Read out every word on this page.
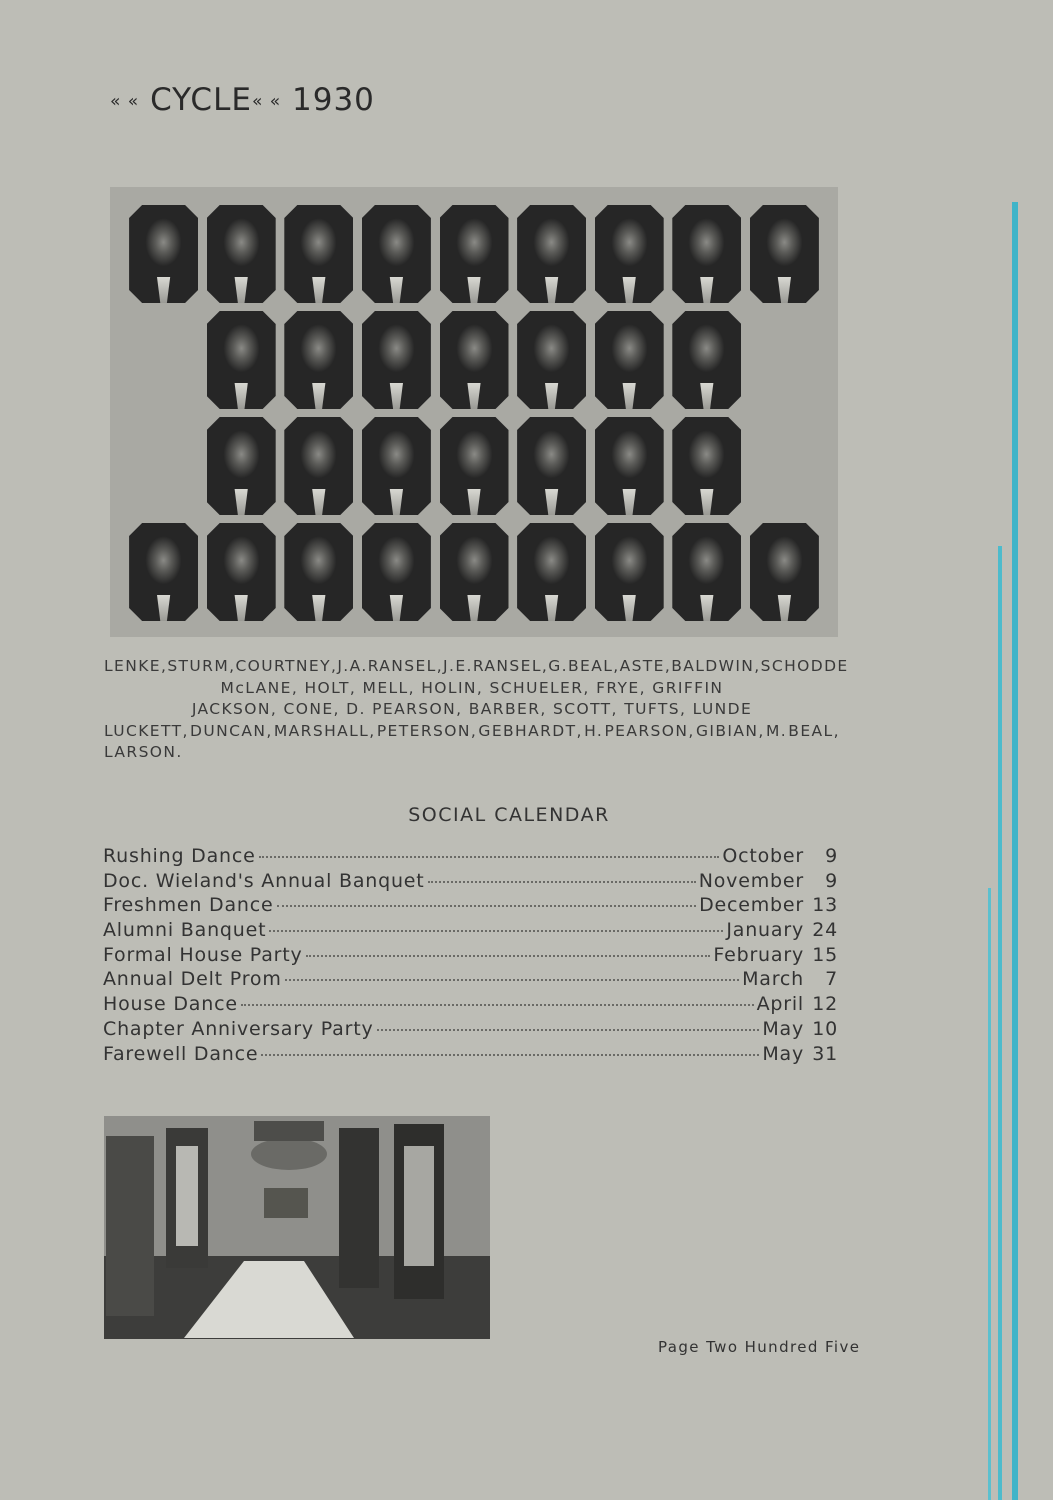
« « CYCLE« « 1930
LENKE, STURM, COURTNEY, J. A. RANSEL, J. E. RANSEL, G. BEAL, ASTE, BALDWIN, SCHODDE
McLANE, HOLT, MELL, HOLIN, SCHUELER, FRYE, GRIFFIN
JACKSON, CONE, D. PEARSON, BARBER, SCOTT, TUFTS, LUNDE
LUCKETT, DUNCAN, MARSHALL, PETERSON, GEBHARDT, H. PEARSON, GIBIAN, M. BEAL,
LARSON.
SOCIAL CALENDAR
Rushing Dance	October	9
Doc. Wieland's Annual Banquet	November	9
Freshmen Dance	December 13
Alumni Banquet	January 24
Formal House Party	February 15
Annual Delt Prom	March	7
House Dance	April 12
Chapter Anniversary Party	May 10
Farewell Dance	May 31
Page Two Hundred Five
